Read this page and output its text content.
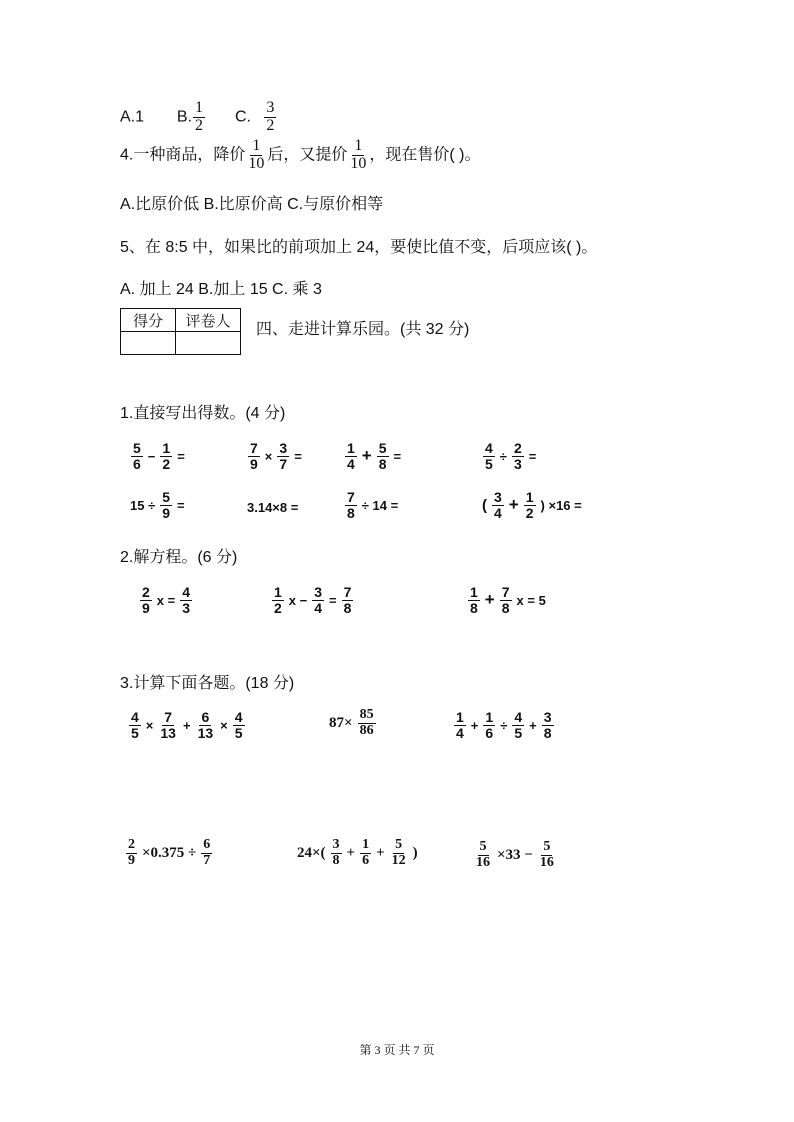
A.1 B. $\frac{1}{2} C$. $\frac{3}{2}$
4.一种商品，降价 $\frac{1}{10}$ 后，又提价 $\frac{1}{10}$ ，现在售价( )。
A.比原价低 B.比原价高 C.与原价相等
5、在 8:5 中，如果比的前项加上 24，要使比值不变，后项应该( )。
A. 加上 24 B.加上 15 C. 乘 3
得分	评卷人
	四、走进计算乐园。(共 32 分)
1.直接写出得数。(4 分)
$\frac{5}{6} - \frac{1}{2}$ =	$\frac{7}{9} \times \frac{3}{7}$ =	$\frac{1}{4} + \frac{5}{8}$ =	$\frac{4}{5} \div \frac{2}{3}$ =
$15 \div \frac{5}{9}$ =	3.14×8 =	$\frac{7}{8} \div 14$ =	( $\frac{3}{4} + \frac{1}{2}$ ) ×16 =
2.解方程。(6 分)
$\frac{2}{9}$ $x = \frac{4}{3}$	$\frac{1}{2}$ $x - \frac{3}{4} = \frac{7}{8}$	$\frac{1}{8} + \frac{7}{8}$ x = 5
3.计算下面各题。(18 分)
$\frac{4}{5} \times \frac{7}{13} + \frac{6}{13} \times \frac{4}{5}$	$87\times \frac{85}{86}$	$\frac{1}{4} + \frac{1}{6} \div \frac{4}{5} + \frac{3}{8}$
$\frac{2}{9} \times 0.375 \div \frac{6}{7}$	$24\times( \frac{3}{8} + \frac{1}{6} + \frac{5}{12}$ )	$\frac{5}{16} \times 33 - \frac{5}{16}$
第 3 页 共 7 页
